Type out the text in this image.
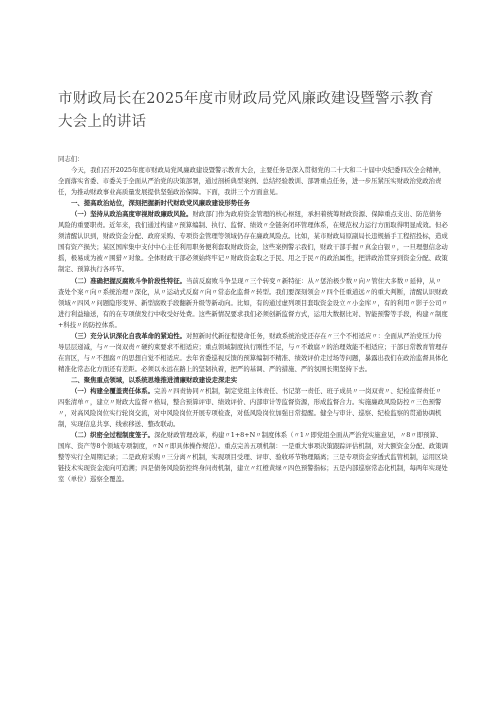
市财政局长在2025年度市财政局党风廉政建设暨警示教育大会上的讲话

同志们：

今天，我们召开2025年度市财政局党风廉政建设暨警示教育大会，主要任务是深入贯彻党的二十大和二十届中央纪委四次全会精神，全面落实省委、市委关于全面从严治党的决策部署，通过剖析典型案例、总结经验教训、部署重点任务，进一步压紧压实财政治党政治责任，为推动财政事业高质量发展提供坚强政治保障。下面，我讲三个方面意见。

一、提高政治站位，深刻把握新时代财政党风廉政建设形势任务

（一）坚持从政治高度审视财政廉政风险。财政部门作为政府资金管理的核心枢纽，承担着统筹财政资源、保障重点支出、防范债务风险的重要职责。近年来，我们通过构建〃预算编制、执行、监督、绩效〃全链条闭环管理体系，在规范权力运行方面取得明显成效。但必须清醒认识到，财政资金分配、政府采购、专项资金管理等领域仍存在廉政风险点。比如，某市财政局原副局长违规插手工程招投标，造成国有资产损失；某区国库集中支付中心主任利用职务便利套取财政资金，这些案例警示我们，财政干部手握〃真金白银〃，一旦理想信念动摇，极易成为被〃围猎〃对象。全体财政干部必须始终牢记〃财政资金取之于民、用之于民〃的政治属性，把讲政治贯穿到资金分配、政策制定、预算执行各环节。

（二）准确把握反腐败斗争阶段性特征。当前反腐败斗争呈现〃三个转变〃新特征：从〃惩治极少数〃向〃管住大多数〃延伸，从〃查处个案〃向〃系统治理〃深化，从〃运动式反腐〃向〃常态化监督〃转型。我们要深刻领会〃四个任重道远〃的重大判断，清醒认识财政领域〃四风〃问题隐形变异、新型腐败手段翻新升级等新动向。比如，有的通过虚列项目套取资金设立〃小金库〃，有的利用〃影子公司〃进行利益输送，有的在专项债发行中收受好处费。这些新情况要求我们必须创新监督方式，运用大数据比对、智能预警等手段，构建〃制度+科技〃的防控体系。

（三）充分认识深化自我革命的紧迫性。对照新时代新征程使命任务，财政系统治党还存在〃三个不相适应〃：全面从严治党压力传导层层递减，与〃一岗双责〃硬约束要求不相适应；重点领域制度执行刚性不足，与〃不敢腐〃的治理效能不相适应；干部日常教育管理存在盲区，与〃不想腐〃的思想自觉不相适应。去年省委巡视反馈的预算编制不精准、绩效评价走过场等问题，暴露出我们在政治监督具体化精准化常态化方面还有差距。必须以永远在路上的坚韧执着，把严的基调、严的措施、严的氛围长期坚持下去。

二、聚焦重点领域，以系统思维推进清廉财政建设走深走实

（一）构建全覆盖责任体系。完善〃四责协同〃机制，制定党组主体责任、书记第一责任、班子成员〃一岗双责〃、纪检监督责任〃四张清单〃，建立〃财政大监督〃格局，整合预算评审、绩效评价、内部审计等监督资源，形成监督合力。实施廉政风险防控〃三色预警〃，对高风险岗位实行轮岗交流，对中风险岗位开展专项检查，对低风险岗位加强日常提醒。健全与审计、巡察、纪检监察的贯通协调机制，实现信息共享、线索移送、整改联动。

（二）织密全过程制度笼子。深化财政管理改革，构建〃1+8+N〃制度体系（〃1〃即党组全面从严治党实施意见，〃8〃即预算、国库、资产等8个领域专项制度，〃N〃即具体操作规范）。重点完善五项机制：一是重大事项决策跟踪评估机制，对大额资金分配、政策调整等实行全周期记录；二是政府采购〃三分离〃机制，实现项目受理、评审、验收环节物理隔离；三是专项资金穿透式监管机制，运用区块链技术实现资金流向可追溯；四是债务风险防控终身问责机制，建立〃红橙黄绿〃四色预警指标；五是内部巡察常态化机制，每两年实现处室（单位）巡察全覆盖。
